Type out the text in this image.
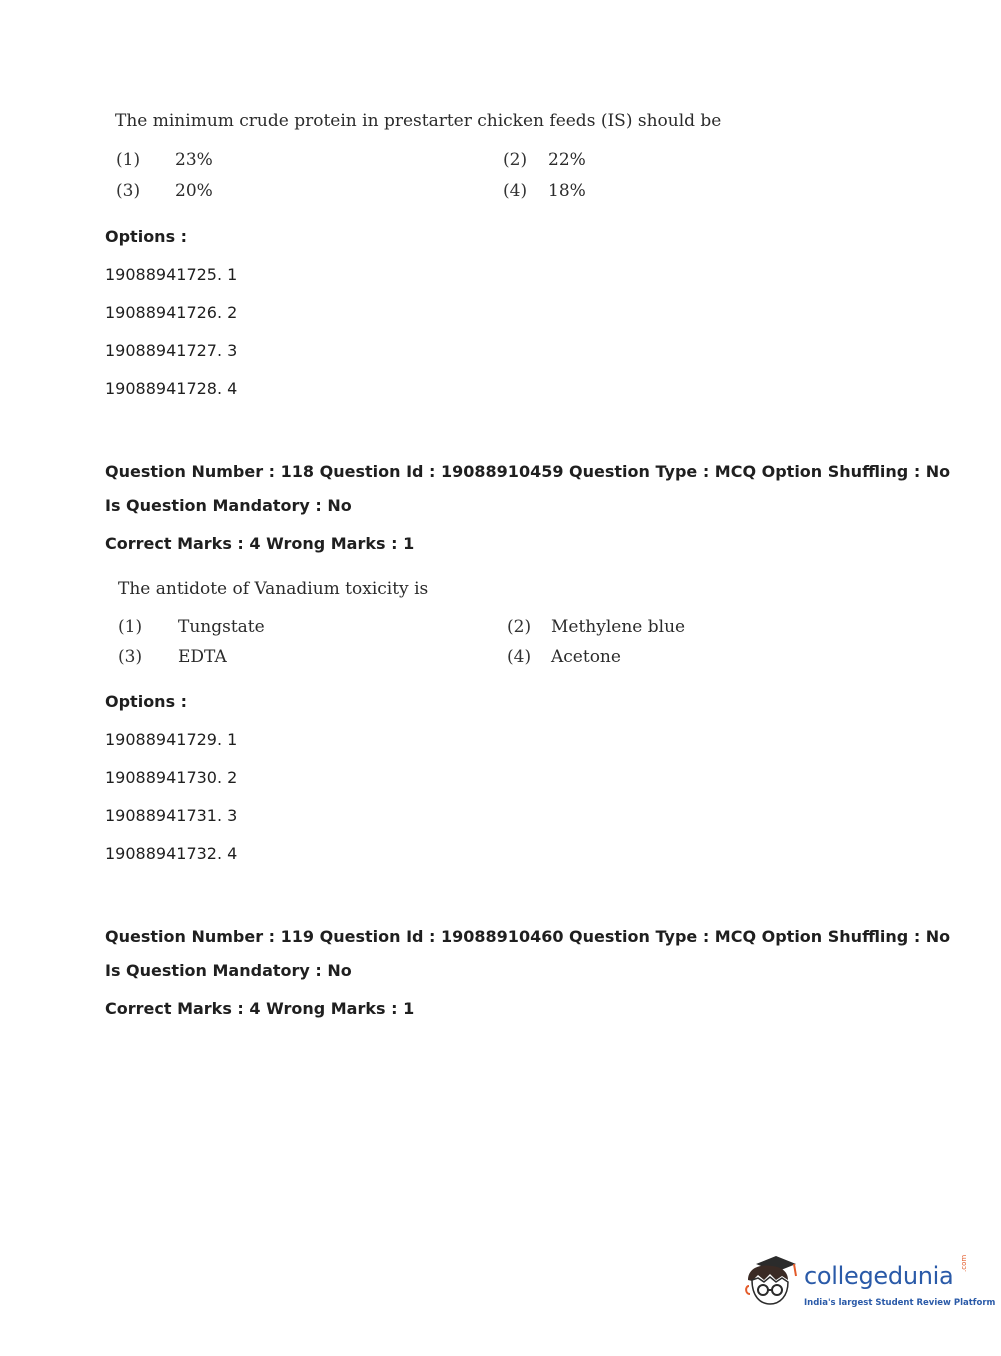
The minimum crude protein in prestarter chicken feeds (IS) should be
(1) 23%	(2) 22%
(3) 20%	(4) 18%
Options :
19088941725. 1
19088941726. 2
19088941727. 3
19088941728. 4
Question Number : 118 Question Id : 19088910459 Question Type : MCQ Option Shuffling : No
Is Question Mandatory : No
Correct Marks : 4 Wrong Marks : 1
The antidote of Vanadium toxicity is
(1) Tungstate	(2) Methylene blue
(3) EDTA	(4) Acetone
Options :
19088941729. 1
19088941730. 2
19088941731. 3
19088941732. 4
Question Number : 119 Question Id : 19088910460 Question Type : MCQ Option Shuffling : No
Is Question Mandatory : No
Correct Marks : 4 Wrong Marks : 1
collegedunia .com
India's largest Student Review Platform
